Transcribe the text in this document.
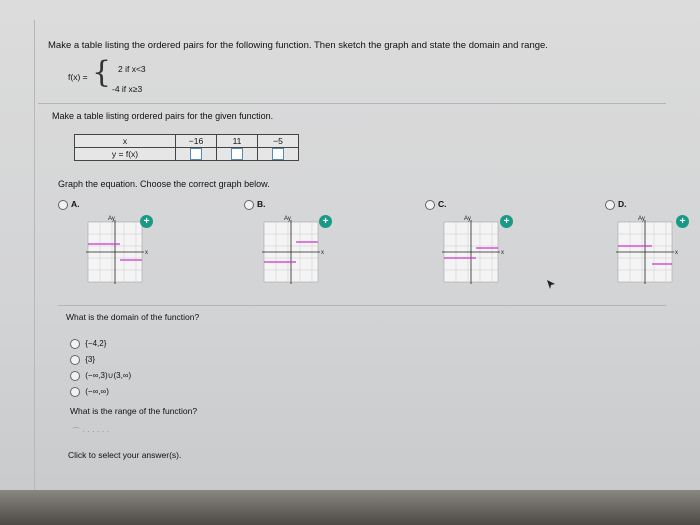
Make a table listing the ordered pairs for the following function. Then sketch the graph and state the domain and range.
f(x) = { 2 if x<3
-4 if x≥3
Make a table listing ordered pairs for the given function.
x	−16	11	−5
y = f(x)			
Graph the equation. Choose the correct graph below.
A.
Ay
x
+
B.
Ay
x
+
C.
Ay
x
+
D.
Ay
x
+
What is the domain of the function?
{−4,2}
{3}
(−∞,3)∪(3,∞)
(−∞,∞)
What is the range of the function?
⌒ · · · · · ·
Click to select your answer(s).
